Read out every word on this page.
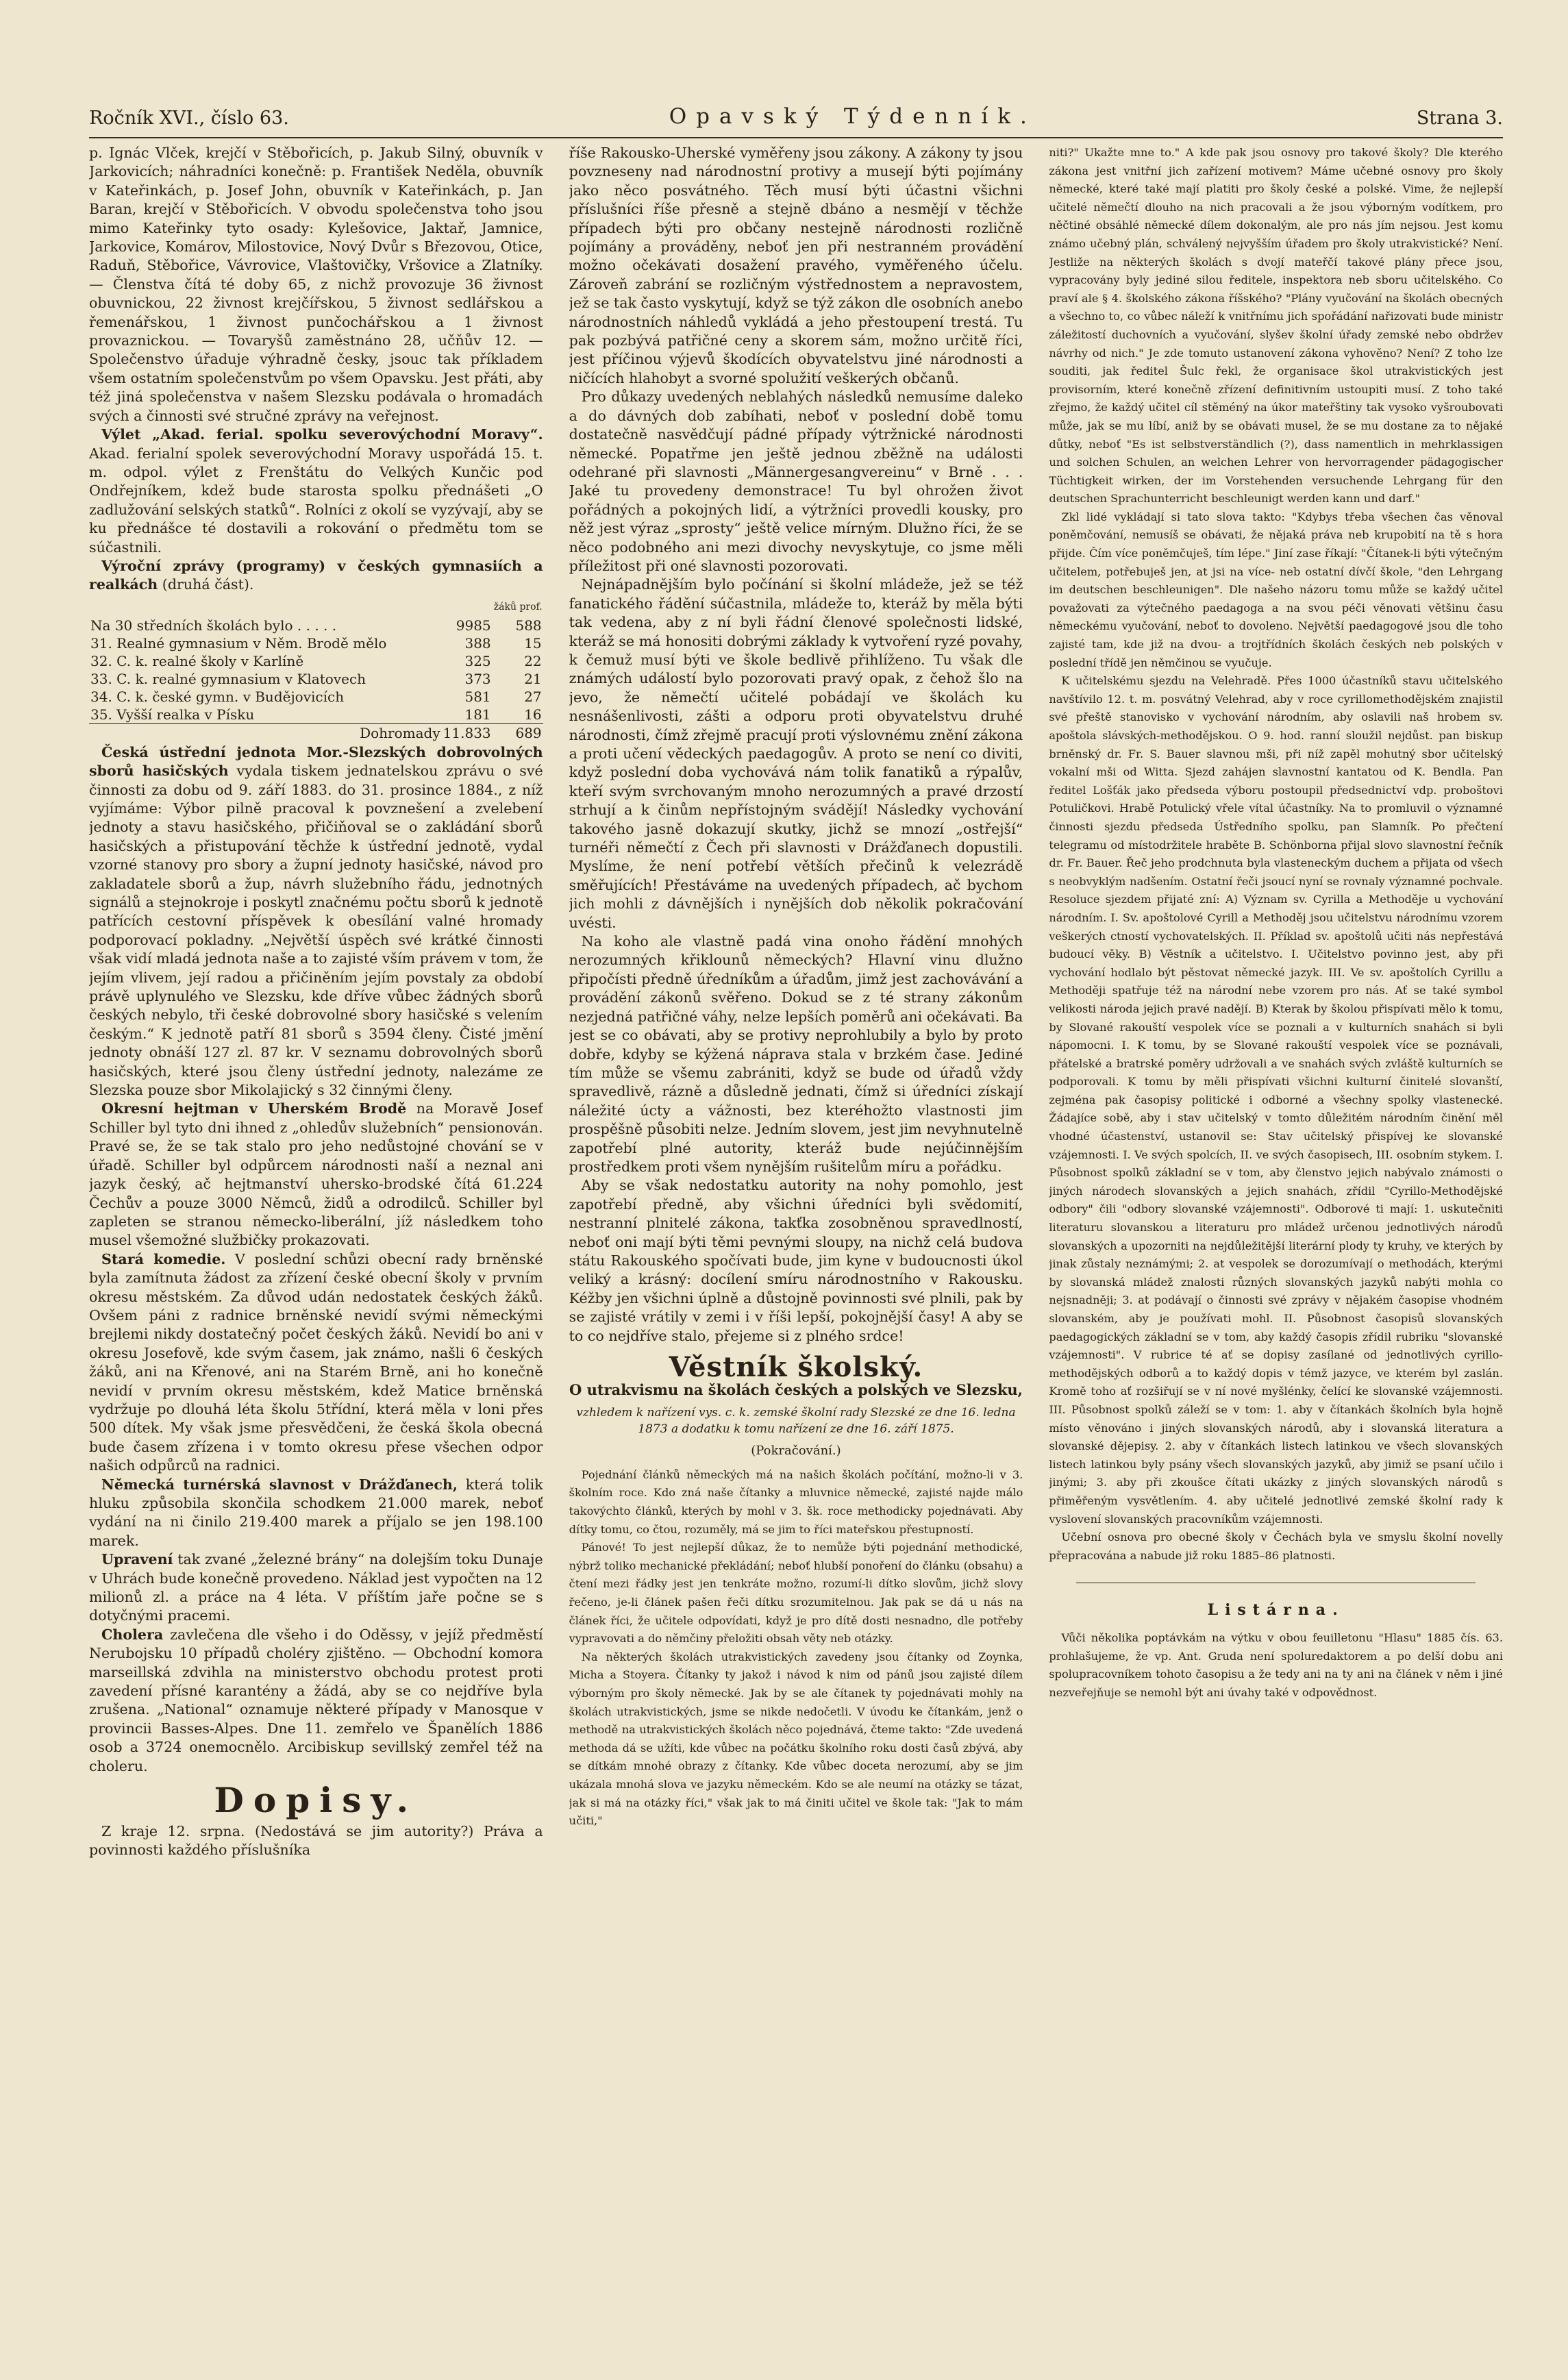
Ročník XVI., číslo 63.	Opavský Týdenník.	Strana 3.

p. Ignác Vlček, krejčí v Stěbořicích, p. Jakub Silný, obuvník v Jarkovicích; náhradníci konečně: p. František Neděla, obuvník v Kateřinkách, p. Josef John, obuvník v Kateřinkách, p. Jan Baran, krejčí v Stěbořicích. V obvodu společenstva toho jsou mimo Kateřinky tyto osady: Kylešovice, Jaktař, Jamnice, Jarkovice, Komárov, Milostovice, Nový Dvůr s Březovou, Otice, Raduň, Stěbořice, Vávrovice, Vlaštovičky, Vršovice a Zlatníky. — Členstva čítá té doby 65, z nichž provozuje 36 živnost obuvnickou, 22 živnost krejčířskou, 5 živnost sedlářskou a řemenářskou, 1 živnost punčochářskou a 1 živnost provaznickou. — Tovaryšů zaměstnáno 28, učňův 12. — Společenstvo úřaduje výhradně česky, jsouc tak příkladem všem ostatním společenstvům po všem Opavsku. Jest přáti, aby též jiná společenstva v našem Slezsku podávala o hromadách svých a činnosti své stručné zprávy na veřejnost.

Výlet „Akad. ferial. spolku severovýchodní Moravy“. Akad. ferialní spolek severovýchodní Moravy uspořádá 15. t. m. odpol. výlet z Frenštátu do Velkých Kunčic pod Ondřejníkem, kdež bude starosta spolku přednášeti „O zadlužování selských statků“. Rolníci z okolí se vyzývají, aby se ku přednášce té dostavili a rokování o předmětu tom se súčastnili.

Výroční zprávy (programy) v českých gymnasiích a realkách (druhá část).

	žáků prof.	
Na 30 středních školách bylo . . . . .	9985	588
31. Realné gymnasium v Něm. Brodě mělo	388	15
32. C. k. realné školy v Karlíně	325	22
33. C. k. realné gymnasium v Klatovech	373	21
34. C. k. české gymn. v Budějovicích	581	27
35. Vyšší realka v Písku	181	16
Dohromady	11.833	689

Česká ústřední jednota Mor.-Slezských dobrovolných sborů hasičských vydala tiskem jednatelskou zprávu o své činnosti za dobu od 9. září 1883. do 31. prosince 1884., z níž vyjímáme: Výbor pilně pracoval k povznešení a zvelebení jednoty a stavu hasičského, přičiňoval se o zakládání sborů hasičských a přistupování těchže k ústřední jednotě, vydal vzorné stanovy pro sbory a župní jednoty hasičské, návod pro zakladatele sborů a žup, návrh služebního řádu, jednotných signálů a stejnokroje i poskytl značnému počtu sborů k jednotě patřících cestovní příspěvek k obesílání valné hromady podporovací pokladny. „Největší úspěch své krátké činnosti však vidí mladá jednota naše a to zajisté vším právem v tom, že jejím vlivem, její radou a přičiněním jejím povstaly za období právě uplynulého ve Slezsku, kde dříve vůbec žádných sborů českých nebylo, tři české dobrovolné sbory hasičské s velením českým.“ K jednotě patří 81 sborů s 3594 členy. Čisté jmění jednoty obnáší 127 zl. 87 kr. V seznamu dobrovolných sborů hasičských, které jsou členy ústřední jednoty, nalezáme ze Slezska pouze sbor Mikolajický s 32 činnými členy.

Okresní hejtman v Uherském Brodě na Moravě Josef Schiller byl tyto dni ihned z „ohledův služebních“ pensionován. Pravé se, že se tak stalo pro jeho nedůstojné chování se v úřadě. Schiller byl odpůrcem národnosti naší a neznal ani jazyk český, ač hejtmanství uhersko-brodské čítá 61.224 Čechův a pouze 3000 Němců, židů a odrodilců. Schiller byl zapleten se stranou německo-liberální, jíž následkem toho musel všemožné službičky prokazovati.

Stará komedie. V poslední schůzi obecní rady brněnské byla zamítnuta žádost za zřízení české obecní školy v prvním okresu městském. Za důvod udán nedostatek českých žáků. Ovšem páni z radnice brněnské nevidí svými německými brejlemi nikdy dostatečný počet českých žáků. Nevidí bo ani v okresu Josefově, kde svým časem, jak známo, našli 6 českých žáků, ani na Křenové, ani na Starém Brně, ani ho konečně nevidí v prvním okresu městském, kdež Matice brněnská vydržuje po dlouhá léta školu 5třídní, která měla v loni přes 500 dítek. My však jsme přesvědčeni, že česká škola obecná bude časem zřízena i v tomto okresu přese všechen odpor našich odpůrců na radnici.

Německá turnérská slavnost v Drážďanech, která tolik hluku způsobila skončila schodkem 21.000 marek, neboť vydání na ni činilo 219.400 marek a příjalo se jen 198.100 marek.

Upravení tak zvané „železné brány“ na dolejším toku Dunaje v Uhrách bude konečně provedeno. Náklad jest vypočten na 12 milionů zl. a práce na 4 léta. V příštím jaře počne se s dotyčnými pracemi.

Cholera zavlečena dle všeho i do Oděssy, v jejíž předměstí Nerubojsku 10 případů choléry zjištěno. — Obchodní komora marseillská zdvihla na ministerstvo obchodu protest proti zavedení přísné karantény a žádá, aby se co nejdříve byla zrušena. „National“ oznamuje některé případy v Manosque v provincii Basses-Alpes. Dne 11. zemřelo ve Španělích 1886 osob a 3724 onemocnělo. Arcibiskup sevillský zemřel též na choleru.

Dopisy.

Z kraje 12. srpna. (Nedostává se jim autority?) Práva a povinnosti každého příslušníka

říše Rakousko-Uherské vyměřeny jsou zákony. A zákony ty jsou povzneseny nad národnostní protivy a musejí býti pojímány jako něco posvátného. Těch musí býti účastni všichni příslušníci říše přesně a stejně dbáno a nesmějí v těchže případech býti pro občany nestejně národnosti rozličně pojímány a prováděny, neboť jen při nestranném provádění možno očekávati dosažení pravého, vyměřeného účelu. Zároveň zabrání se rozličným výstřednostem a nepravostem, jež se tak často vyskytují, když se týž zákon dle osobních anebo národnostních náhledů vykládá a jeho přestoupení trestá. Tu pak pozbývá patřičné ceny a skorem sám, možno určitě říci, jest příčinou výjevů škodících obyvatelstvu jiné národnosti a ničících hlahobyt a svorné spolužití veškerých občanů.

Pro důkazy uvedených neblahých následků nemusíme daleko a do dávných dob zabíhati, neboť v poslední době tomu dostatečně nasvědčují pádné případy výtržnické národnosti německé. Popatřme jen ještě jednou zběžně na události odehrané při slavnosti „Männergesangvereinu“ v Brně . . . Jaké tu provedeny demonstrace! Tu byl ohrožen život pořádných a pokojných lidí, a výtržníci provedli kousky, pro něž jest výraz „sprosty“ ještě velice mírným. Dlužno říci, že se něco podobného ani mezi divochy nevyskytuje, co jsme měli příležitost při oné slavnosti pozorovati.

Nejnápadnějším bylo počínání si školní mládeže, jež se též fanatického řádění súčastnila, mládeže to, kteráž by měla býti tak vedena, aby z ní byli řádní členové společnosti lidské, kteráž se má honositi dobrými základy k vytvoření ryzé povahy, k čemuž musí býti ve škole bedlivě přihlíženo. Tu však dle známých událostí bylo pozorovati pravý opak, z čehož šlo na jevo, že němečtí učitelé pobádají ve školách ku nesnášenlivosti, zášti a odporu proti obyvatelstvu druhé národnosti, čímž zřejmě pracují proti výslovnému znění zákona a proti učení vědeckých paedagogův. A proto se není co diviti, když poslední doba vychovává nám tolik fanatiků a rýpalův, kteří svým svrchovaným mnoho nerozumných a pravé drzostí strhují a k činům nepřístojným svádějí! Následky vychování takového jasně dokazují skutky, jichž se mnozí „ostřejší“ turnéři němečtí z Čech při slavnosti v Drážďanech dopustili. Myslíme, že není potřebí větších přečinů k velezrádě směřujících! Přestáváme na uvedených případech, ač bychom jich mohli z dávnějších i nynějších dob několik pokračování uvésti.

Na koho ale vlastně padá vina onoho řádění mnohých nerozumných křiklounů německých? Hlavní vinu dlužno připočísti předně úředníkům a úřadům, jimž jest zachovávání a provádění zákonů svěřeno. Dokud se z té strany zákonům nezjedná patřičné váhy, nelze lepších poměrů ani očekávati. Ba jest se co obávati, aby se protivy neprohlubily a bylo by proto dobře, kdyby se kýžená náprava stala v brzkém čase. Jediné tím může se všemu zabrániti, když se bude od úřadů vždy spravedlivě, rázně a důsledně jednati, čímž si úředníci získají náležité úcty a vážnosti, bez kteréhožto vlastnosti jim prospěšně působiti nelze. Jedním slovem, jest jim nevyhnutelně zapotřebí plné autority, kteráž bude nejúčinnějším prostředkem proti všem nynějším rušitelům míru a pořádku.

Aby se však nedostatku autority na nohy pomohlo, jest zapotřebí předně, aby všichni úředníci byli svědomití, nestranní plnitelé zákona, takťka zosobněnou spravedlností, neboť oni mají býti těmi pevnými sloupy, na nichž celá budova státu Rakouského spočívati bude, jim kyne v budoucnosti úkol veliký a krásný: docílení smíru národnostního v Rakousku. Kéžby jen všichni úplně a důstojně povinnosti své plnili, pak by se zajisté vrátily v zemi i v říši lepší, pokojnější časy! A aby se to co nejdříve stalo, přejeme si z plného srdce!

Věstník školský.
O utrakvismu na školách českých a polských ve Slezsku,
vzhledem k nařízení vys. c. k. zemské školní rady Slezské ze dne 16. ledna 1873 a dodatku k tomu nařízení ze dne 16. září 1875.
(Pokračování.)

Pojednání článků německých má na našich školách počítání, možno-li v 3. školním roce. Kdo zná naše čítanky a mluvnice německé, zajisté najde málo takovýchto článků, kterých by mohl v 3. šk. roce methodicky pojednávati. Aby dítky tomu, co čtou, rozuměly, má se jim to říci mateřskou přestupností.

Pánové! To jest nejlepší důkaz, že to nemůže býti pojednání methodické, nýbrž toliko mechanické překládání; neboť hlubší ponoření do článku (obsahu) a čtení mezi řádky jest jen tenkráte možno, rozumí-li dítko slovům, jichž slovy řečeno, je-li článek pašen řeči dítku srozumitelnou. Jak pak se dá u nás na článek říci, že učitele odpovídati, když je pro dítě dosti nesnadno, dle potřeby vypravovati a do němčiny přeložiti obsah věty neb otázky.

Na některých školách utrakvistických zavedeny jsou čítanky od Zoynka, Micha a Stoyera. Čítanky ty jakož i návod k nim od pánů jsou zajisté dílem výborným pro školy německé. Jak by se ale čítanek ty pojednávati mohly na školách utrakvistických, jsme se nikde nedočetli. V úvodu ke čítankám, jenž o methodě na utrakvistických školách něco pojednává, čteme takto: "Zde uvedená methoda dá se užíti, kde vůbec na počátku školního roku dosti časů zbývá, aby se dítkám mnohé obrazy z čítanky. Kde vůbec doceta nerozumí, aby se jim ukázala mnohá slova ve jazyku německém. Kdo se ale neumí na otázky se tázat, jak si má na otázky říci," však jak to má činiti učitel ve škole tak: "Jak to mám učiti,"

niti?" Ukažte mne to." A kde pak jsou osnovy pro takové školy? Dle kterého zákona jest vnitřní jich zařízení motivem? Máme učebné osnovy pro školy německé, které také mají platiti pro školy české a polské. Vime, že nejlepší učitelé němečtí dlouho na nich pracovali a že jsou výborným vodítkem, pro něčtiné obsáhlé německé dílem dokonalým, ale pro nás jím nejsou. Jest komu známo učebný plán, schválený nejvyšším úřadem pro školy utrakvistické? Není. Jestliže na některých školách s dvojí mateřčí takové plány přece jsou, vypracovány byly jediné silou ředitele, inspektora neb sboru učitelského. Co praví ale § 4. školského zákona říšského? "Plány vyučování na školách obecných a všechno to, co vůbec náleží k vnitřnímu jich spořádání nařizovati bude ministr záležitostí duchovních a vyučování, slyšev školní úřady zemské nebo obdržev návrhy od nich." Je zde tomuto ustanovení zákona vyhověno? Není? Z toho lze souditi, jak ředitel Šulc řekl, že organisace škol utrakvistických jest provisorním, které konečně zřízení definitivním ustoupiti musí. Z toho také zřejmo, že každý učitel cíl stěméný na úkor mateřštiny tak vysoko vyšroubovati může, jak se mu líbí, aniž by se obávati musel, že se mu dostane za to nějaké důtky, neboť "Es ist selbstverständlich (?), dass namentlich in mehrklassigen und solchen Schulen, an welchen Lehrer von hervorragender pädagogischer Tüchtigkeit wirken, der im Vorstehenden versuchende Lehrgang für den deutschen Sprachunterricht beschleunigt werden kann und darf."

Zkl lidé vykládají si tato slova takto: "Kdybys třeba všechen čas věnoval poněmčování, nemusíš se obávati, že nějaká práva neb krupobití na tě s hora přijde. Čím více poněmčuješ, tím lépe." Jiní zase říkají: "Čítanek-li býti výtečným učitelem, potřebuješ jen, at jsi na více- neb ostatní dívčí škole, "den Lehrgang im deutschen beschleunigen". Dle našeho názoru tomu může se každý učitel považovati za výtečného paedagoga a na svou péči věnovati většinu času německému vyučování, neboť to dovoleno. Největší paedagogové jsou dle toho zajisté tam, kde již na dvou- a trojtřídních školách českých neb polských v poslední třídě jen němčinou se vyučuje.

K učitelskému sjezdu na Velehradě. Přes 1000 účastníků stavu učitelského navštívilo 12. t. m. posvátný Velehrad, aby v roce cyrillomethodějském znajistil své přeště stanovisko v vychování národním, aby oslavili naš hrobem sv. apoštola slávských-methodějskou. O 9. hod. ranní sloužil nejdůst. pan biskup brněnský dr. Fr. S. Bauer slavnou mši, při níž zapěl mohutný sbor učitelský vokalní mši od Witta. Sjezd zahájen slavnostní kantatou od K. Bendla. Pan ředitel Lošťák jako předseda výboru postoupil předsednictví vdp. proboštovi Potuličkovi. Hrabě Potulický vřele vítal účastníky. Na to promluvil o významné činnosti sjezdu předseda Ústředního spolku, pan Slamník. Po přečtení telegramu od místodržitele hraběte B. Schönborna přijal slovo slavnostní řečník dr. Fr. Bauer. Řeč jeho prodchnuta byla vlasteneckým duchem a přijata od všech s neobvyklým nadšením. Ostatní řeči jsoucí nyní se rovnaly významné pochvale. Resoluce sjezdem přijaté zní: A) Význam sv. Cyrilla a Methoděje u vychování národním. I. Sv. apoštolové Cyrill a Methoděj jsou učitelstvu národnímu vzorem veškerých ctností vychovatelských. II. Příklad sv. apoštolů učiti nás nepřestává budoucí věky. B) Věstník a učitelstvo. I. Učitelstvo povinno jest, aby při vychování hodlalo být pěstovat německé jazyk. III. Ve sv. apoštolích Cyrillu a Methoději spatřuje též na národní nebe vzorem pro nás. Ať se také symbol velikosti národa jejich pravé nadějí. B) Kterak by školou přispívati mělo k tomu, by Slované rakouští vespolek více se poznali a v kulturních snahách si byli nápomocni. I. K tomu, by se Slované rakouští vespolek více se poznávali, přátelské a bratrské poměry udržovali a ve snahách svých zvláště kulturních se podporovali. K tomu by měli přispívati všichni kulturní činitelé slovanští, zejména pak časopisy politické i odborné a všechny spolky vlastenecké. Žádajíce sobě, aby i stav učitelský v tomto důležitém národním činění měl vhodné účastenství, ustanovil se: Stav učitelský přispívej ke slovanské vzájemnosti. I. Ve svých spolcích, II. ve svých časopisech, III. osobním stykem. I. Působnost spolků základní se v tom, aby členstvo jejich nabývalo známosti o jiných národech slovanských a jejich snahách, zřídil "Cyrillo-Methodějské odbory" čili "odbory slovanské vzájemnosti". Odborové ti mají: 1. uskutečniti literaturu slovanskou a literaturu pro mládež určenou jednotlivých národů slovanských a upozorniti na nejdůležitější literární plody ty kruhy, ve kterých by jinak zůstaly neznámými; 2. at vespolek se dorozumívají o methodách, kterými by slovanská mládež znalosti různých slovanských jazyků nabýti mohla co nejsnadněji; 3. at podávají o činnosti své zprávy v nějakém časopise vhodném slovanském, aby je používati mohl. II. Působnost časopisů slovanských paedagogických základní se v tom, aby každý časopis zřídil rubriku "slovanské vzájemnosti". V rubrice té ať se dopisy zasílané od jednotlivých cyrillo-methodějských odborů a to každý dopis v témž jazyce, ve kterém byl zaslán. Kromě toho ať rozšiřují se v ní nové myšlénky, čelící ke slovanské vzájemnosti. III. Působnost spolků záleží se v tom: 1. aby v čítankách školních byla hojně místo věnováno i jiných slovanských národů, aby i slovanská literatura a slovanské dějepisy. 2. aby v čítankách listech latinkou ve všech slovanských listech latinkou byly psány všech slovanských jazyků, aby jimiž se psaní učilo i jinými; 3. aby při zkoušce čítati ukázky z jiných slovanských národů s přiměřeným vysvětlením. 4. aby učitelé jednotlivé zemské školní rady k vyslovení slovanských pracovníkům vzájemnosti.

Učební osnova pro obecné školy v Čechách byla ve smyslu školní novelly přepracována a nabude již roku 1885–86 platnosti.

Listárna.

Vůči několika poptávkám na výtku v obou feuilletonu "Hlasu" 1885 čís. 63. prohlašujeme, že vp. Ant. Gruda není spoluredaktorem a po delší dobu ani spolupracovníkem tohoto časopisu a že tedy ani na ty ani na článek v něm i jiné nezveřejňuje se nemohl být ani úvahy také v odpovědnost.
